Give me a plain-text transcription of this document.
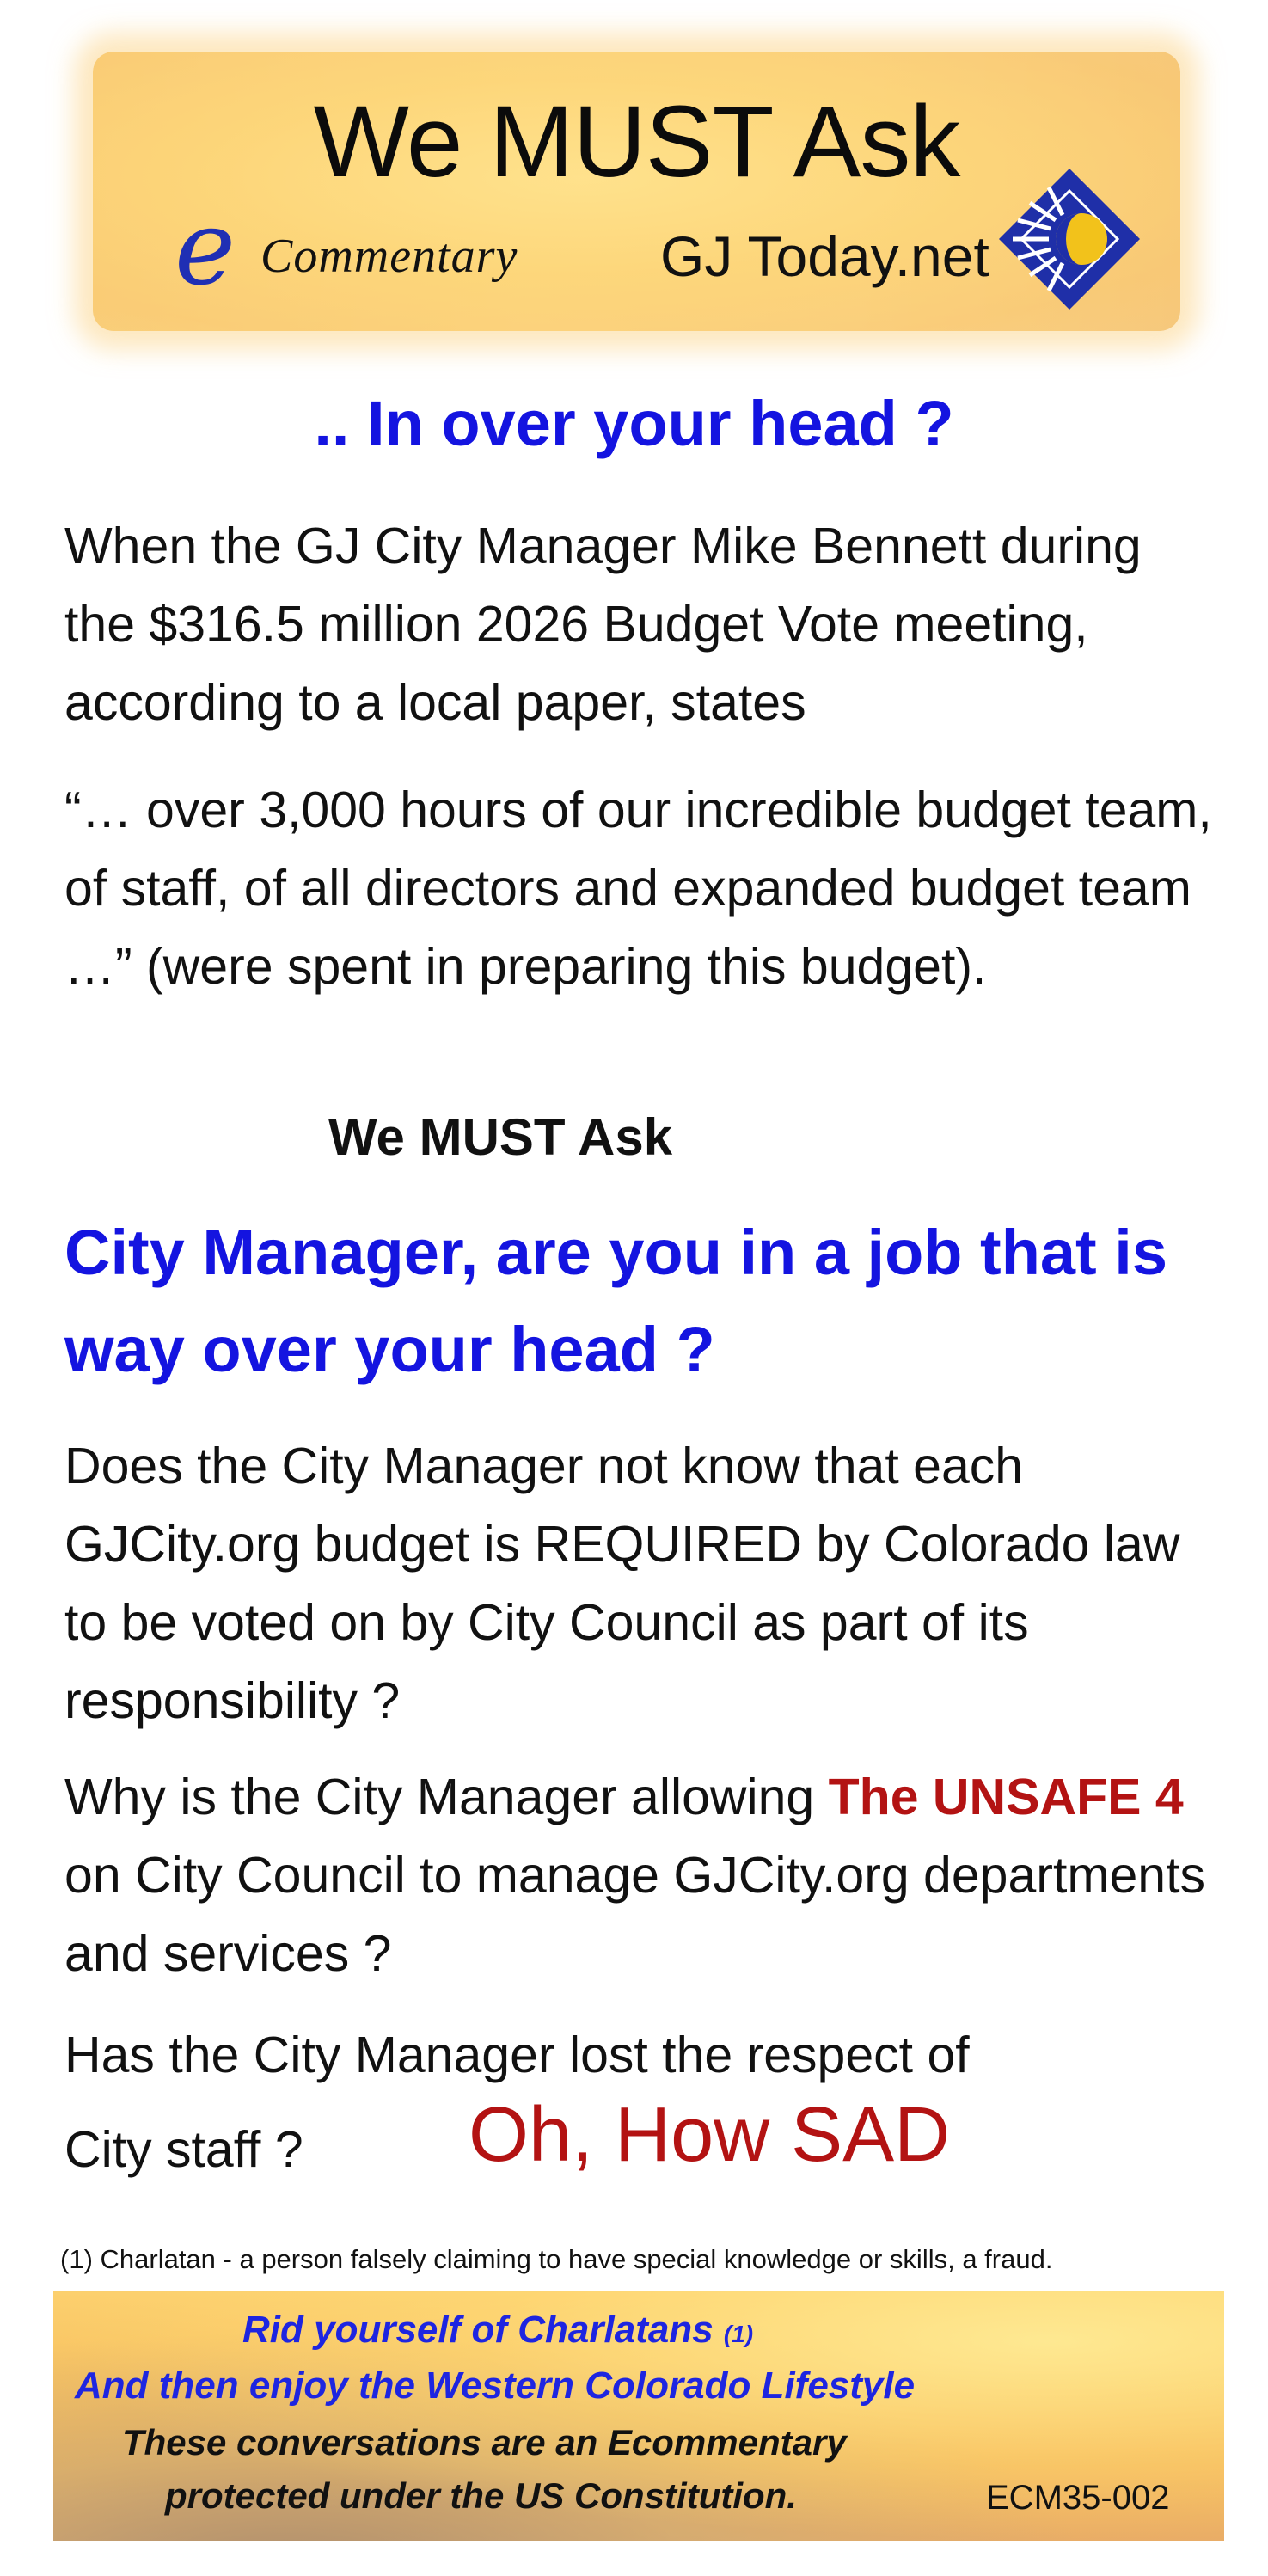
We MUST Ask
e Commentary	GJ Today.net
.. In over your head ?
When the GJ City Manager Mike Bennett during the $316.5 million 2026 Budget Vote meeting, according to a local paper, states
“… over 3,000 hours of our incredible budget team, of staff, of all directors and expanded budget team …” (were spent in preparing this budget).
We MUST Ask
City Manager, are you in a job that is way over your head ?
Does the City Manager not know that each GJCity.org budget is REQUIRED by Colorado law to be voted on by City Council as part of its responsibility ?
Why is the City Manager allowing The UNSAFE 4 on City Council to manage GJCity.org departments and services ?
Has the City Manager lost the respect of
City staff ? Oh, How SAD
(1) Charlatan - a person falsely claiming to have special knowledge or skills, a fraud.
Rid yourself of Charlatans (1)
And then enjoy the Western Colorado Lifestyle
These conversations are an Ecommentary
protected under the US Constitution.	ECM35-002
